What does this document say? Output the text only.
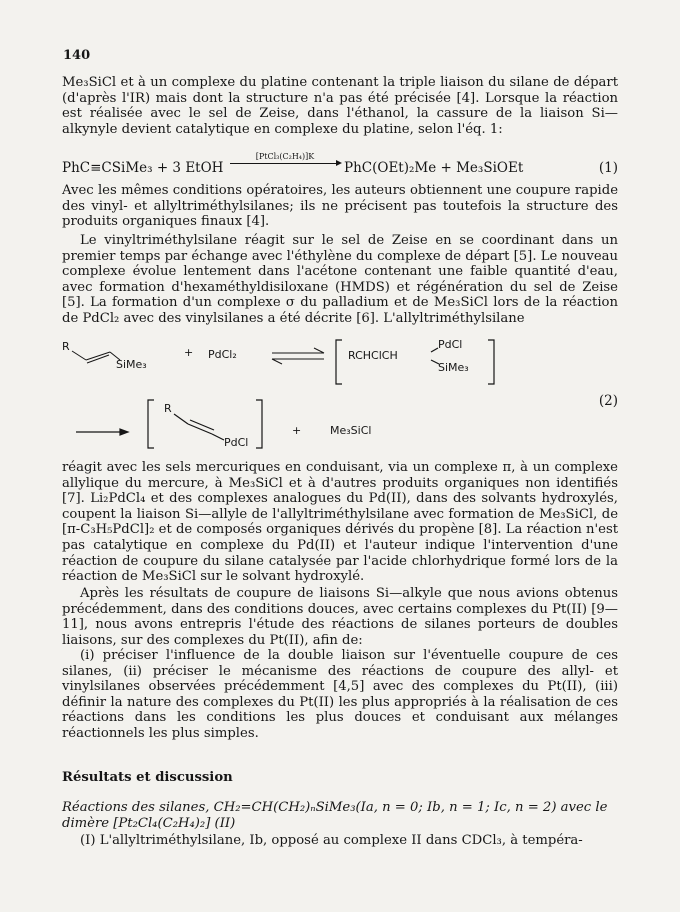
140

Me₃SiCl et à un complexe du platine contenant la triple liaison du silane de départ (d'après l'IR) mais dont la structure n'a pas été précisée [4]. Lorsque la réaction est réalisée avec le sel de Zeise, dans l'éthanol, la cassure de la liaison Si—alkynyle devient catalytique en complexe du platine, selon l'éq. 1:

PhC≡CSiMe₃ + 3 EtOH
[PtCl₃(C₂H₄)]K
PhC(OEt)₂Me + Me₃SiOEt	(1)

Avec les mêmes conditions opératoires, les auteurs obtiennent une coupure rapide des vinyl- et allyltriméthylsilanes; ils ne précisent pas toutefois la structure des produits organiques finaux [4].

Le vinyltriméthylsilane réagit sur le sel de Zeise en se coordinant dans un premier temps par échange avec l'éthylène du complexe de départ [5]. Le nouveau complexe évolue lentement dans l'acétone contenant une faible quantité d'eau, avec formation d'hexaméthyldisiloxane (HMDS) et régénération du sel de Zeise [5]. La formation d'un complexe σ du palladium et de Me₃SiCl lors de la réaction de PdCl₂ avec des vinylsilanes a été décrite [6]. L'allyltriméthylsilane

R
SiMe₃
+ PdCl₂
PdCl
RCHClCH
SiMe₃
R
PdCl
+	Me₃SiCl
(2)

réagit avec les sels mercuriques en conduisant, via un complexe π, à un complexe allylique du mercure, à Me₃SiCl et à d'autres produits organiques non identifiés [7]. Li₂PdCl₄ et des complexes analogues du Pd(II), dans des solvants hydroxylés, coupent la liaison Si—allyle de l'allyltriméthylsilane avec formation de Me₃SiCl, de [π-C₃H₅PdCl]₂ et de composés organiques dérivés du propène [8]. La réaction n'est pas catalytique en complexe du Pd(II) et l'auteur indique l'intervention d'une réaction de coupure du silane catalysée par l'acide chlorhydrique formé lors de la réaction de Me₃SiCl sur le solvant hydroxylé.

Après les résultats de coupure de liaisons Si—alkyle que nous avions obtenus précédemment, dans des conditions douces, avec certains complexes du Pt(II) [9—11], nous avons entrepris l'étude des réactions de silanes porteurs de doubles liaisons, sur des complexes du Pt(II), afin de:

(i) préciser l'influence de la double liaison sur l'éventuelle coupure de ces silanes, (ii) préciser le mécanisme des réactions de coupure des allyl- et vinylsilanes observées précédemment [4,5] avec des complexes du Pt(II), (iii) définir la nature des complexes du Pt(II) les plus appropriés à la réalisation de ces réactions dans les conditions les plus douces et conduisant aux mélanges réactionnels les plus simples.

Résultats et discussion
Réactions des silanes, CH₂=CH(CH₂)ₙSiMe₃(Ia, n = 0; Ib, n = 1; Ic, n = 2) avec le dimère [Pt₂Cl₄(C₂H₄)₂] (II)

(I) L'allyltriméthylsilane, Ib, opposé au complexe II dans CDCl₃, à tempéra-
